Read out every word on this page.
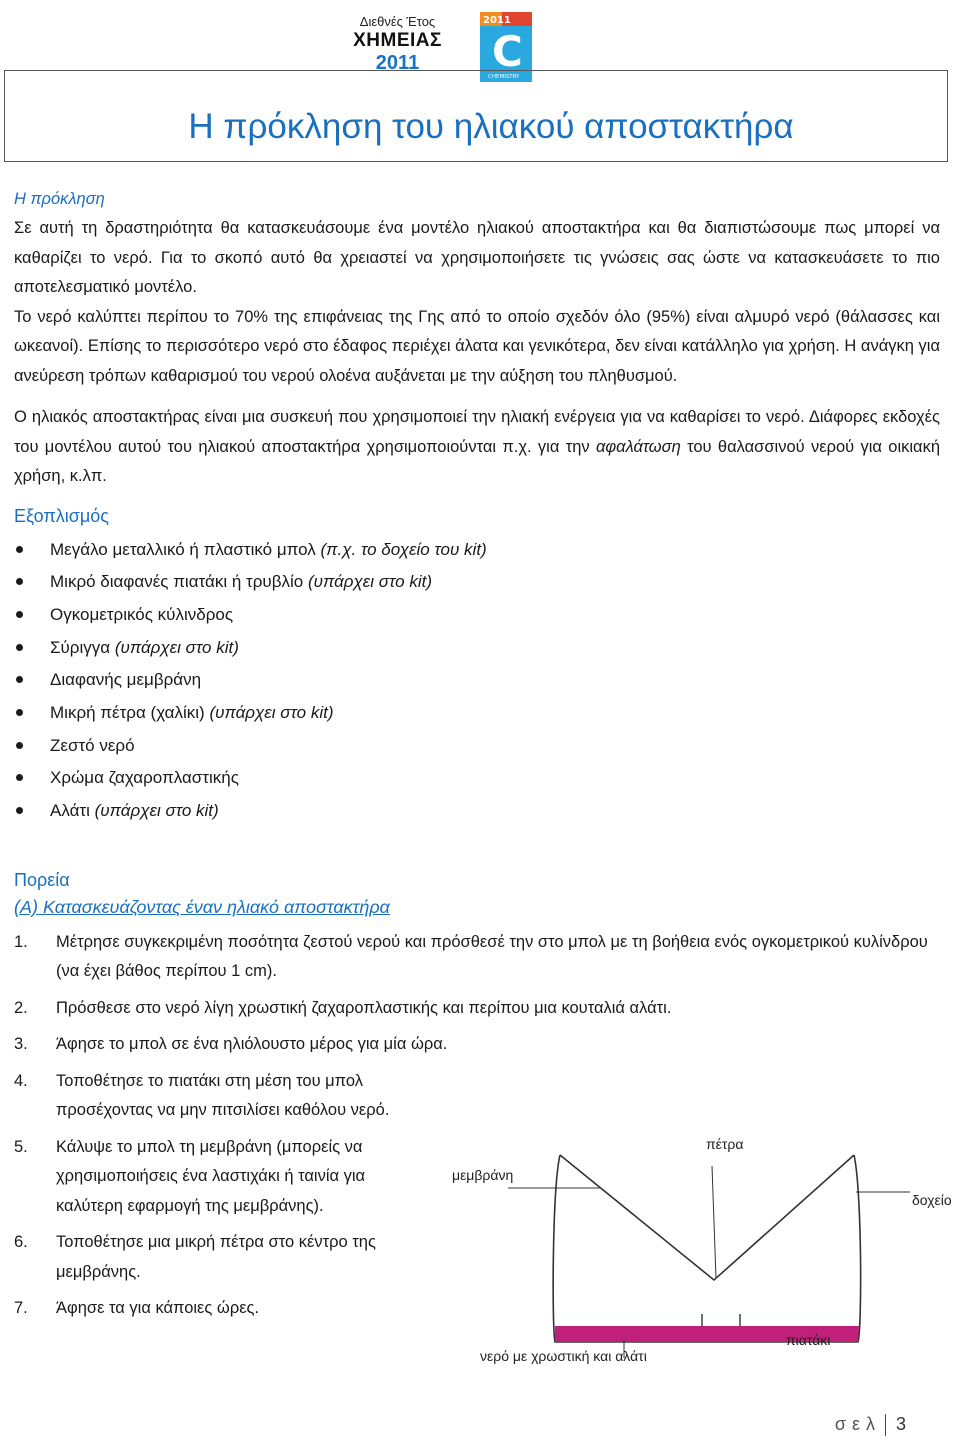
Διεθνές Έτος
ΧΗΜΕΙΑΣ
2011
2011
C
CHEMISTRY
Η πρόκληση του ηλιακού αποστακτήρα
Η πρόκληση

Σε αυτή τη δραστηριότητα θα κατασκευάσουμε ένα μοντέλο ηλιακού αποστακτήρα και θα διαπιστώσουμε πως μπορεί να καθαρίζει το νερό. Για το σκοπό αυτό θα χρειαστεί να χρησιμοποιήσετε τις γνώσεις σας ώστε να κατασκευάσετε το πιο αποτελεσματικό μοντέλο.

Το νερό καλύπτει περίπου το 70% της επιφάνειας της Γης από το οποίο σχεδόν όλο (95%) είναι αλμυρό νερό (θάλασσες και ωκεανοί). Επίσης το περισσότερο νερό στο έδαφος περιέχει άλατα και γενικότερα, δεν είναι κατάλληλο για χρήση. Η ανάγκη για ανεύρεση τρόπων καθαρισμού του νερού ολοένα αυξάνεται με την αύξηση του πληθυσμού.

Ο ηλιακός αποστακτήρας είναι μια συσκευή που χρησιμοποιεί την ηλιακή ενέργεια για να καθαρίσει το νερό. Διάφορες εκδοχές του μοντέλου αυτού του ηλιακού αποστακτήρα χρησιμοποιούνται π.χ. για την αφαλάτωση του θαλασσινού νερού για οικιακή χρήση, κ.λπ.

Εξοπλισμός
Μεγάλο μεταλλικό ή πλαστικό μπολ (π.χ. το δοχείο του kit)
Μικρό διαφανές πιατάκι ή τρυβλίο (υπάρχει στο kit)
Ογκομετρικός κύλινδρος
Σύριγγα (υπάρχει στο kit)
Διαφανής μεμβράνη
Μικρή πέτρα (χαλίκι) (υπάρχει στο kit)
Ζεστό νερό
Χρώμα ζαχαροπλαστικής
Αλάτι (υπάρχει στο kit)
Πορεία
(Α) Κατασκευάζοντας έναν ηλιακό αποστακτήρα
1. Μέτρησε συγκεκριμένη ποσότητα ζεστού νερού και πρόσθεσέ την στο μπολ με τη βοήθεια ενός ογκομετρικού κυλίνδρου (να έχει βάθος περίπου 1 cm).
2. Πρόσθεσε στο νερό λίγη χρωστική ζαχαροπλαστικής και περίπου μια κουταλιά αλάτι.
3. Άφησε το μπολ σε ένα ηλιόλουστο μέρος για μία ώρα.
4. Τοποθέτησε το πιατάκι στη μέση του μπολ προσέχοντας να μην πιτσιλίσει καθόλου νερό.
5. Κάλυψε το μπολ τη μεμβράνη (μπορείς να χρησιμοποιήσεις ένα λαστιχάκι ή ταινία για καλύτερη εφαρμογή της μεμβράνης).
6. Τοποθέτησε μια μικρή πέτρα στο κέντρο της μεμβράνης.
7. Άφησε τα για κάποιες ώρες.
πέτρα
μεμβράνη
δοχείο
νερό με χρωστική και αλάτι
πιατάκι
σελ 3
